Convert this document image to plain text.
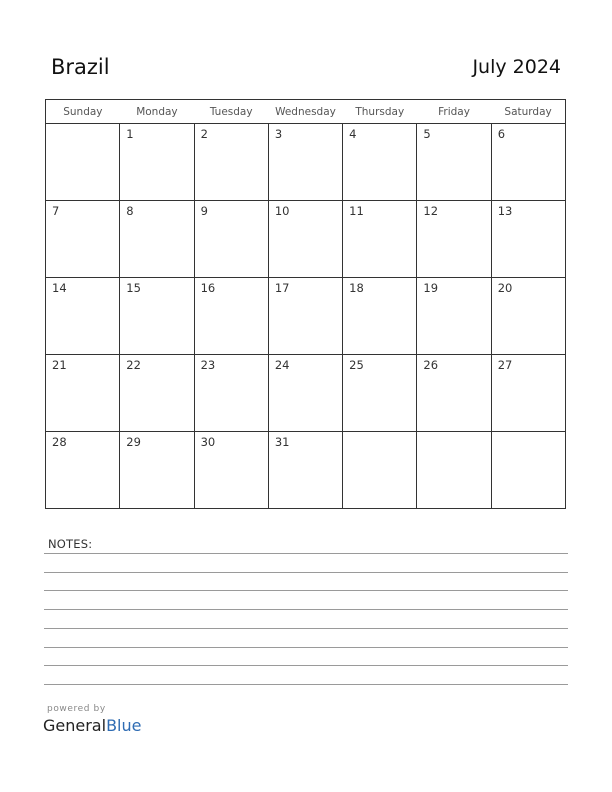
Brazil	July 2024
Sunday	Monday	Tuesday	Wednesday	Thursday	Friday	Saturday

	1	2	3	4	5	6

7	8	9	10	11	12	13

14	15	16	17	18	19	20

21	22	23	24	25	26	27

28	29	30	31			

NOTES:
powered by
GeneralBlue
